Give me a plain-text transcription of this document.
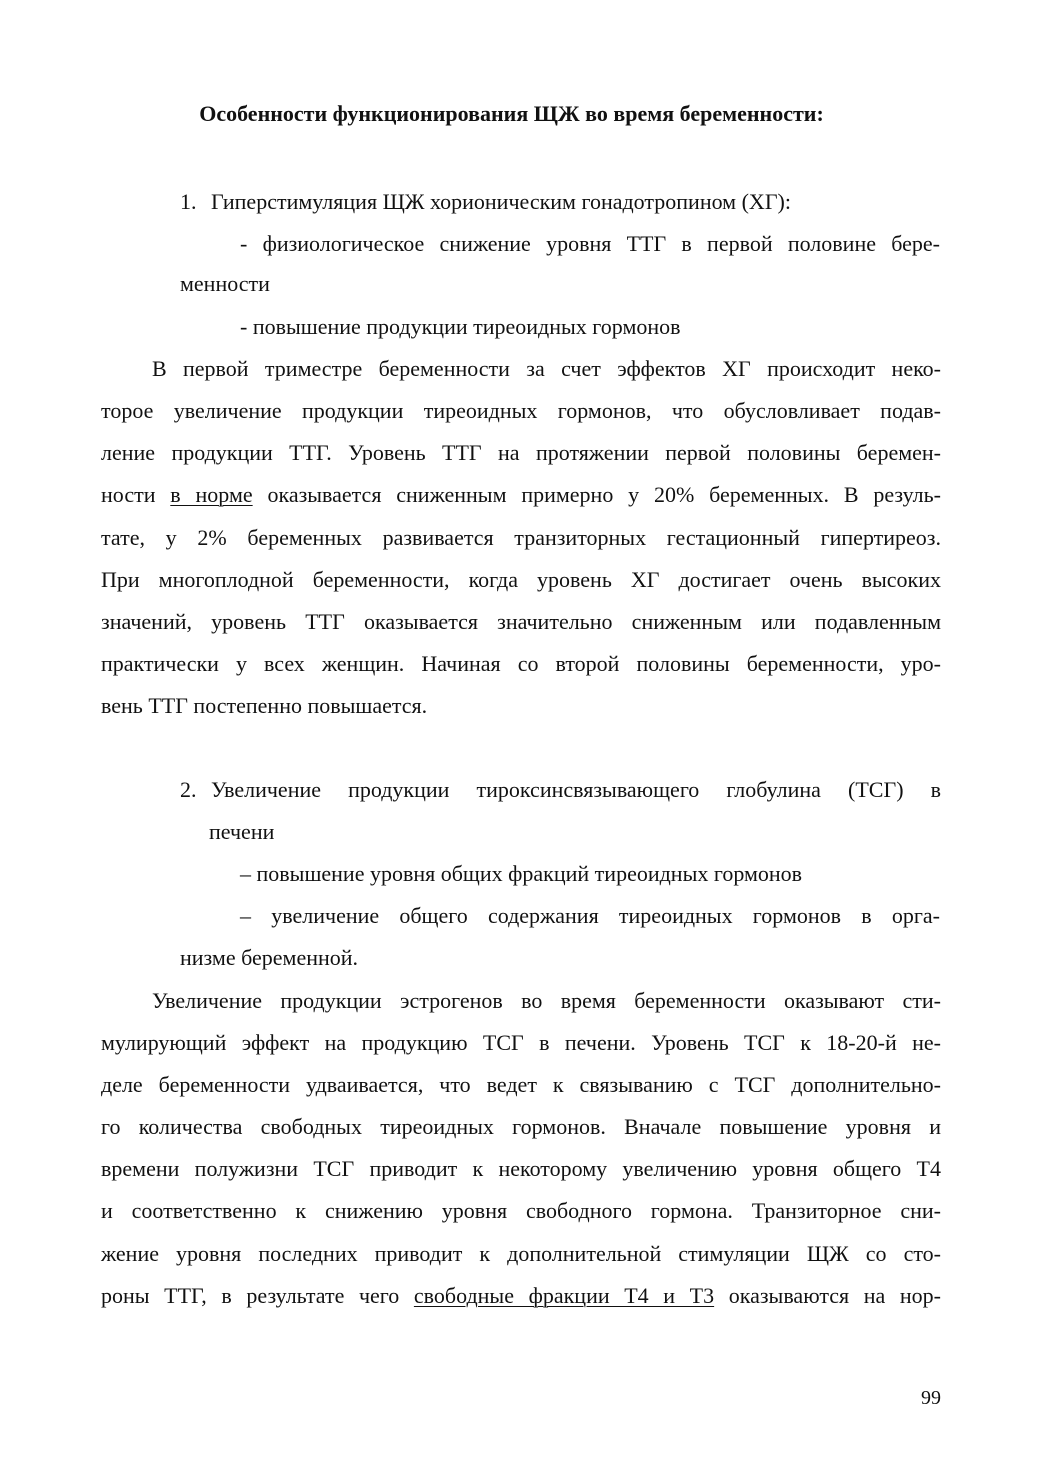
Особенности функционирования ЩЖ во время беременности:
1. Гиперстимуляция ЩЖ хорионическим гонадотропином (ХГ):
- физиологическое снижение уровня ТТГ в первой половине бере-
менности
- повышение продукции тиреоидных гормонов
В первой триместре беременности за счет эффектов ХГ происходит неко-
торое увеличение продукции тиреоидных гормонов, что обусловливает подав-
ление продукции ТТГ. Уровень ТТГ на протяжении первой половины беремен-
ности в норме оказывается сниженным примерно у 20% беременных. В резуль-
тате, у 2% беременных развивается транзиторных гестационный гипертиреоз.
При многоплодной беременности, когда уровень ХГ достигает очень высоких
значений, уровень ТТГ оказывается значительно сниженным или подавленным
практически у всех женщин. Начиная со второй половины беременности, уро-
вень ТТГ постепенно повышается.
2. Увеличение продукции тироксинсвязывающего глобулина (ТСГ) в
печени
– повышение уровня общих фракций тиреоидных гормонов
– увеличение общего содержания тиреоидных гормонов в орга-
низме беременной.
Увеличение продукции эстрогенов во время беременности оказывают сти-
мулирующий эффект на продукцию ТСГ в печени. Уровень ТСГ к 18-20-й не-
деле беременности удваивается, что ведет к связыванию с ТСГ дополнительно-
го количества свободных тиреоидных гормонов. Вначале повышение уровня и
времени полужизни ТСГ приводит к некоторому увеличению уровня общего Т4
и соответственно к снижению уровня свободного гормона. Транзиторное сни-
жение уровня последних приводит к дополнительной стимуляции ЩЖ со сто-
роны ТТГ, в результате чего свободные фракции Т4 и Т3 оказываются на нор-
99
